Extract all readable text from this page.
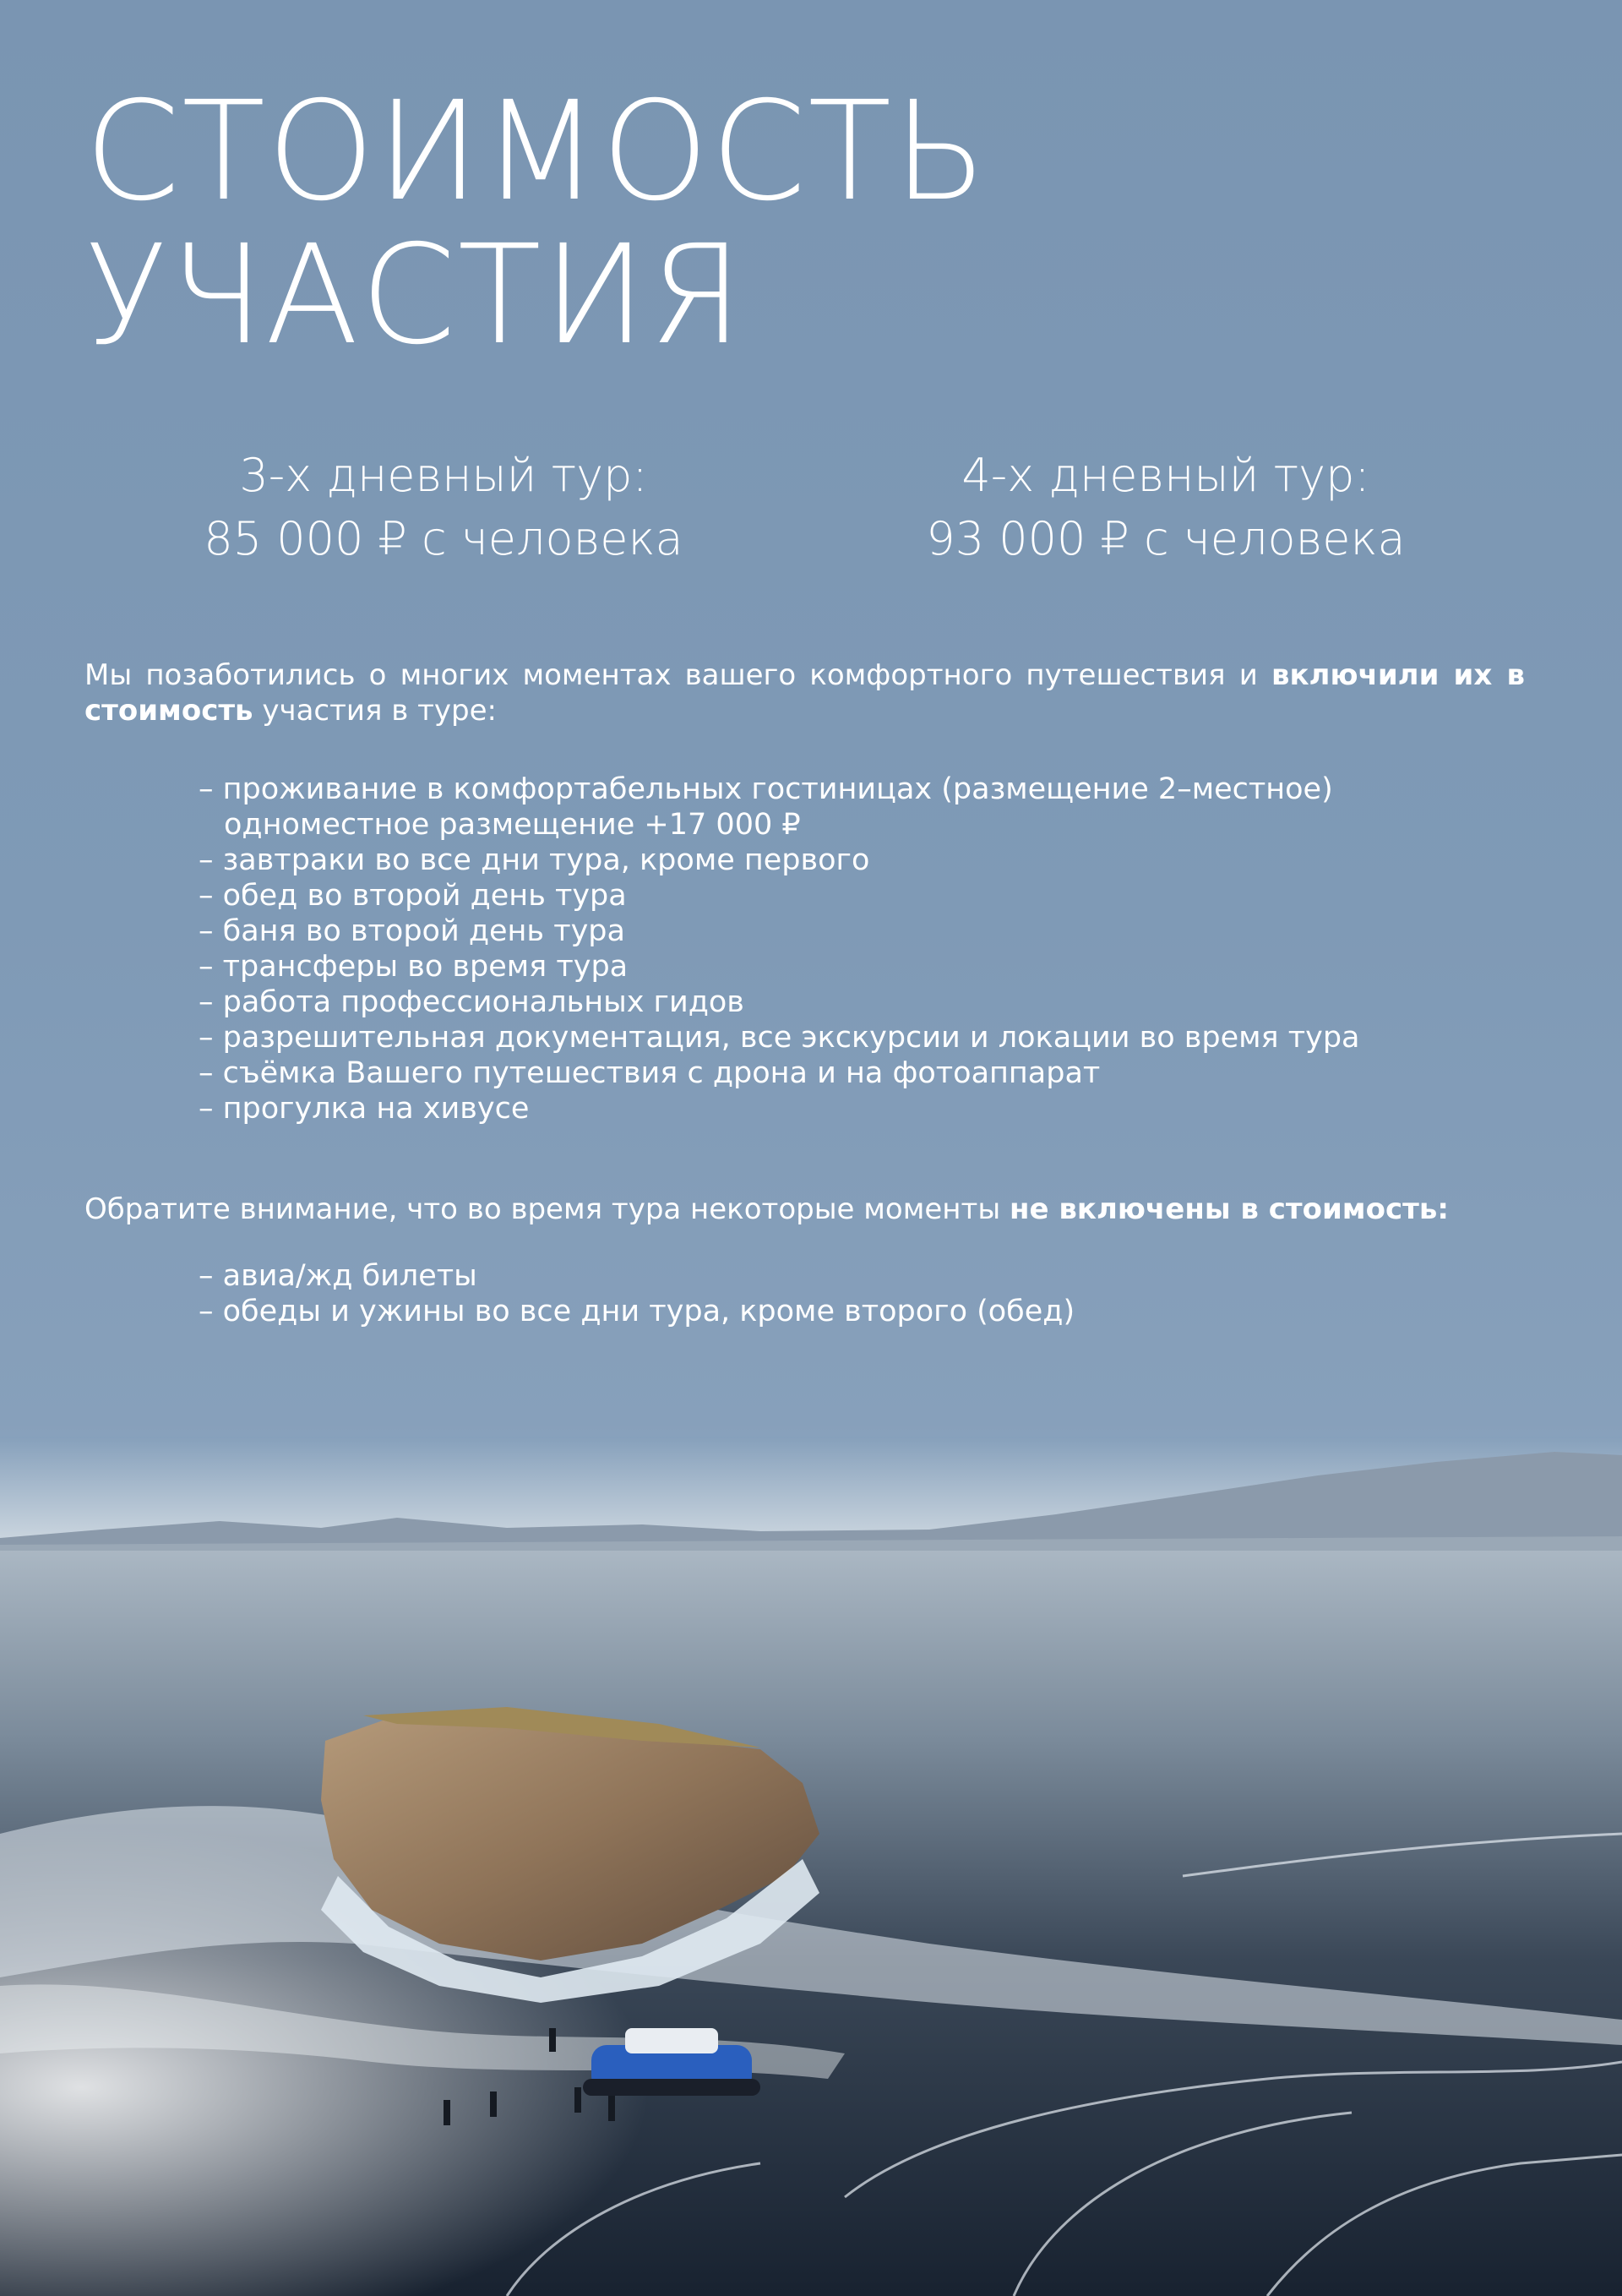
СТОИМОСТЬ
УЧАСТИЯ
3-х дневный тур:
85 000 ₽ с человека
4-х дневный тур:
93 000 ₽ с человека

Мы позаботились о многих моментах вашего комфортного путешествия и включили их в стоимость участия в туре:

– проживание в комфортабельных гостиницах (размещение 2–местное)
одноместное размещение +17 000 ₽
– завтраки во все дни тура, кроме первого
– обед во второй день тура
– баня во второй день тура
– трансферы во время тура
– работа профессиональных гидов
– разрешительная документация, все экскурсии и локации во время тура
– съёмка Вашего путешествия с дрона и на фотоаппарат
– прогулка на хивусе

Обратите внимание, что во время тура некоторые моменты не включены в стоимость:

– авиа/жд билеты
– обеды и ужины во все дни тура, кроме второго (обед)
